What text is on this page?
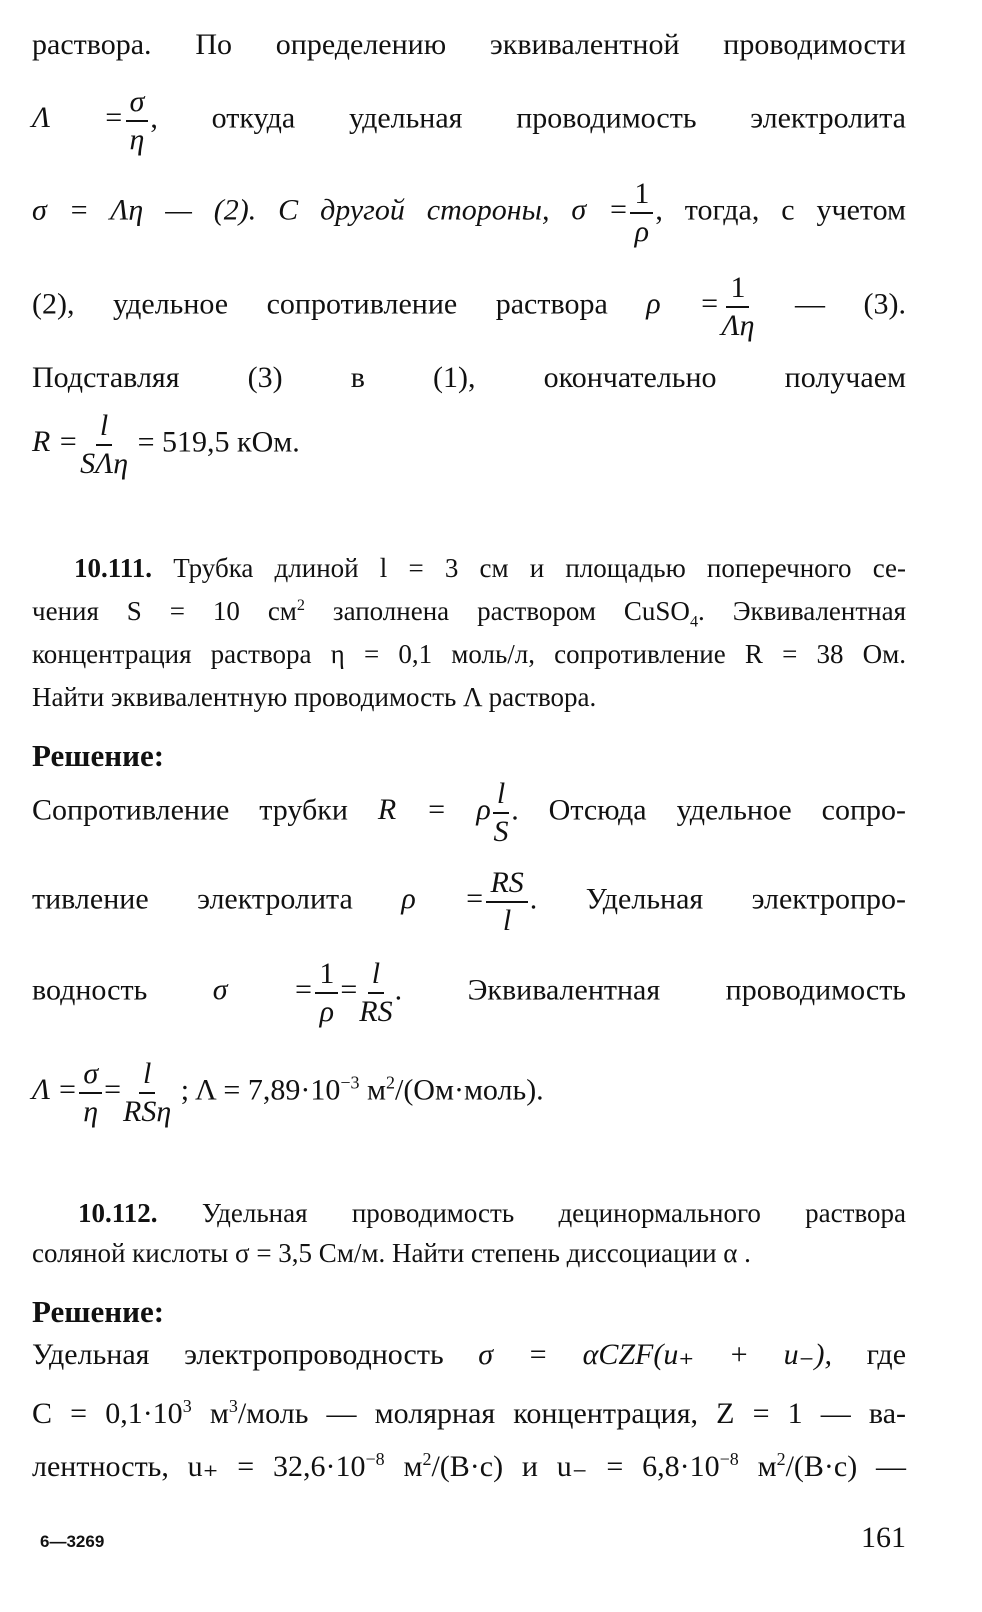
раствора. По определению эквивалентной проводимости
$\Lambda = \frac{\sigma}{\eta}$ , откуда удельная проводимость электролита
σ = Λη — (2). С другой стороны, $\sigma = \frac{1}{\rho}$ , тогда, с учетом
(2), удельное сопротивление раствора $\rho = \frac{1}{\Lambda\eta}$ — (3).
Подставляя (3) в (1), окончательно получаем
$R = \frac{l}{\text{SΛη}} = 519,5$ кОм.
10.111. Трубка длиной l = 3 см и площадью поперечного се-
чения S = 10 $см^2$ заполнена раствором CuSO$_4$. Эквивалентная
концентрация раствора η = 0,1 моль/л, сопротивление R = 38 Ом.
Найти эквивалентную проводимость Λ раствора.
Решение:
Сопротивление трубки R = ρ $\frac{l}{S}$ . Отсюда удельное сопро-
тивление электролита $\rho = \frac{RS}{l}$ . Удельная электропро-
водность $\sigma = \frac{1}{\rho} = \frac{l}{RS}$ . Эквивалентная проводимость
$\Lambda = \frac{\sigma}{\eta} = \frac{l}{\text{RSη}}$ ; $\Lambda = 7,89\cdot 10^{-3}$ $м^2/(Ом\cdot моль)$.
10.112. Удельная проводимость децинормального раствора
соляной кислоты σ = 3,5 См/м. Найти степень диссоциации α .
Решение:
Удельная электропроводность σ = αCZF(u₊ + u₋), где
$C = 0,1\cdot 10^3$ $м^3$/моль — молярная концентрация, Z = 1 — ва-
лентность, $u_+ = 32,6\cdot 10^{-8}$ $м^2/(В\cdot с)$ и $u_- = 6,8\cdot 10^{-8}$ $м^2/(В\cdot с)$ —
6—3269	161
